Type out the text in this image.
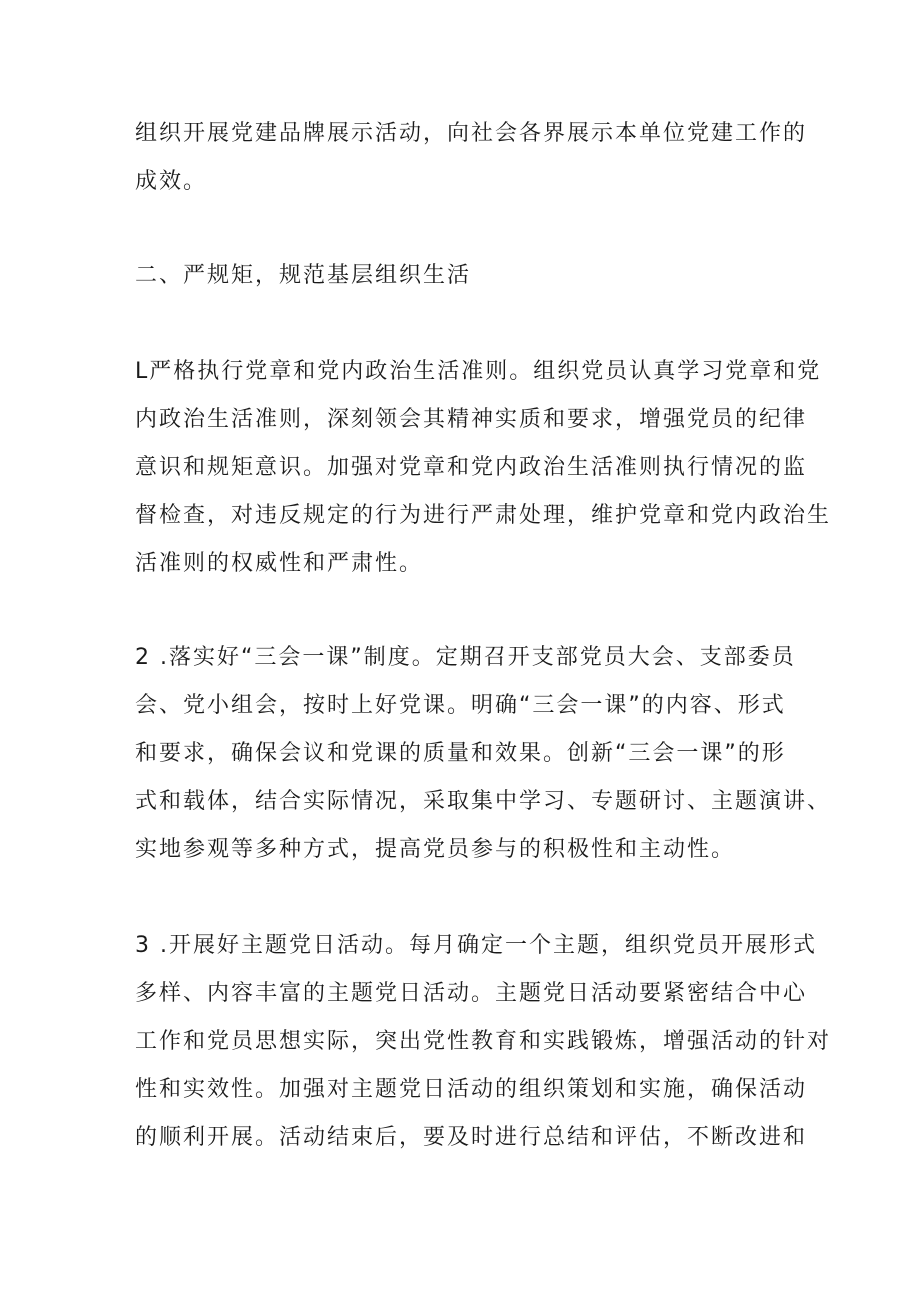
组织开展党建品牌展示活动，向社会各界展示本单位党建工作的
成效。

二、严规矩，规范基层组织生活

L严格执行党章和党内政治生活准则。组织党员认真学习党章和党
内政治生活准则，深刻领会其精神实质和要求，增强党员的纪律
意识和规矩意识。加强对党章和党内政治生活准则执行情况的监
督检查，对违反规定的行为进行严肃处理，维护党章和党内政治生
活准则的权威性和严肃性。

2 .落实好“三会一课”制度。定期召开支部党员大会、支部委员
会、党小组会，按时上好党课。明确“三会一课”的内容、形式
和要求，确保会议和党课的质量和效果。创新“三会一课”的形
式和载体，结合实际情况，采取集中学习、专题研讨、主题演讲、
实地参观等多种方式，提高党员参与的积极性和主动性。

3 .开展好主题党日活动。每月确定一个主题，组织党员开展形式
多样、内容丰富的主题党日活动。主题党日活动要紧密结合中心
工作和党员思想实际，突出党性教育和实践锻炼，增强活动的针对
性和实效性。加强对主题党日活动的组织策划和实施，确保活动
的顺利开展。活动结束后，要及时进行总结和评估，不断改进和
